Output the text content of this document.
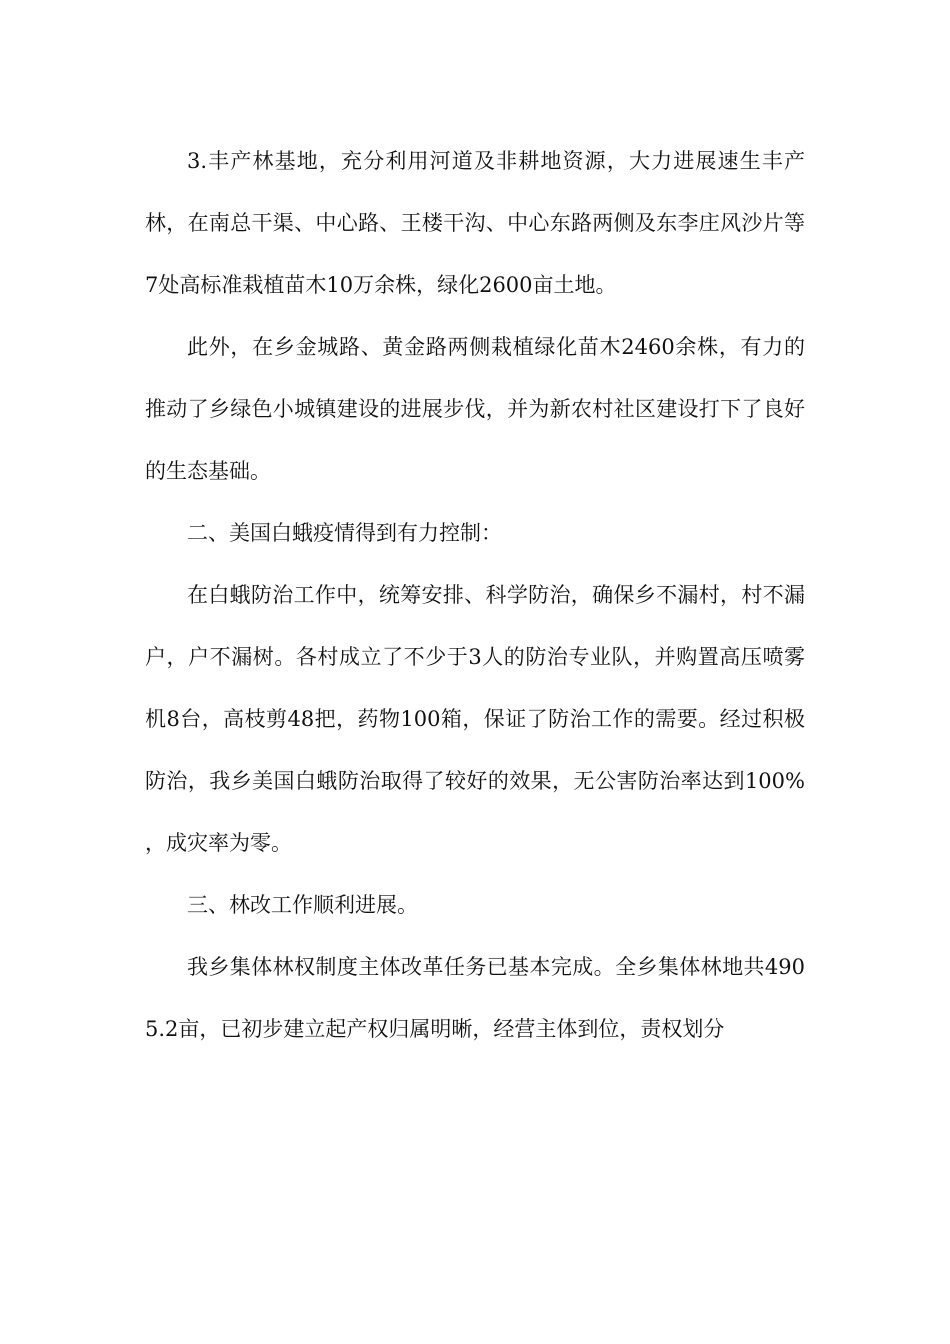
3.丰产林基地，充分利用河道及非耕地资源，大力进展速生丰产林，在南总干渠、中心路、王楼干沟、中心东路两侧及东李庄风沙片等7处高标准栽植苗木10万余株，绿化2600亩土地。

此外，在乡金城路、黄金路两侧栽植绿化苗木2460余株，有力的推动了乡绿色小城镇建设的进展步伐，并为新农村社区建设打下了良好的生态基础。

二、美国白蛾疫情得到有力控制：

在白蛾防治工作中，统筹安排、科学防治，确保乡不漏村，村不漏户，户不漏树。各村成立了不少于3人的防治专业队，并购置高压喷雾机8台，高枝剪48把，药物100箱，保证了防治工作的需要。经过积极防治，我乡美国白蛾防治取得了较好的效果，无公害防治率达到100% ，成灾率为零。

三、林改工作顺利进展。

我乡集体林权制度主体改革任务已基本完成。全乡集体林地共4905.2亩，已初步建立起产权归属明晰，经营主体到位，责权划分
